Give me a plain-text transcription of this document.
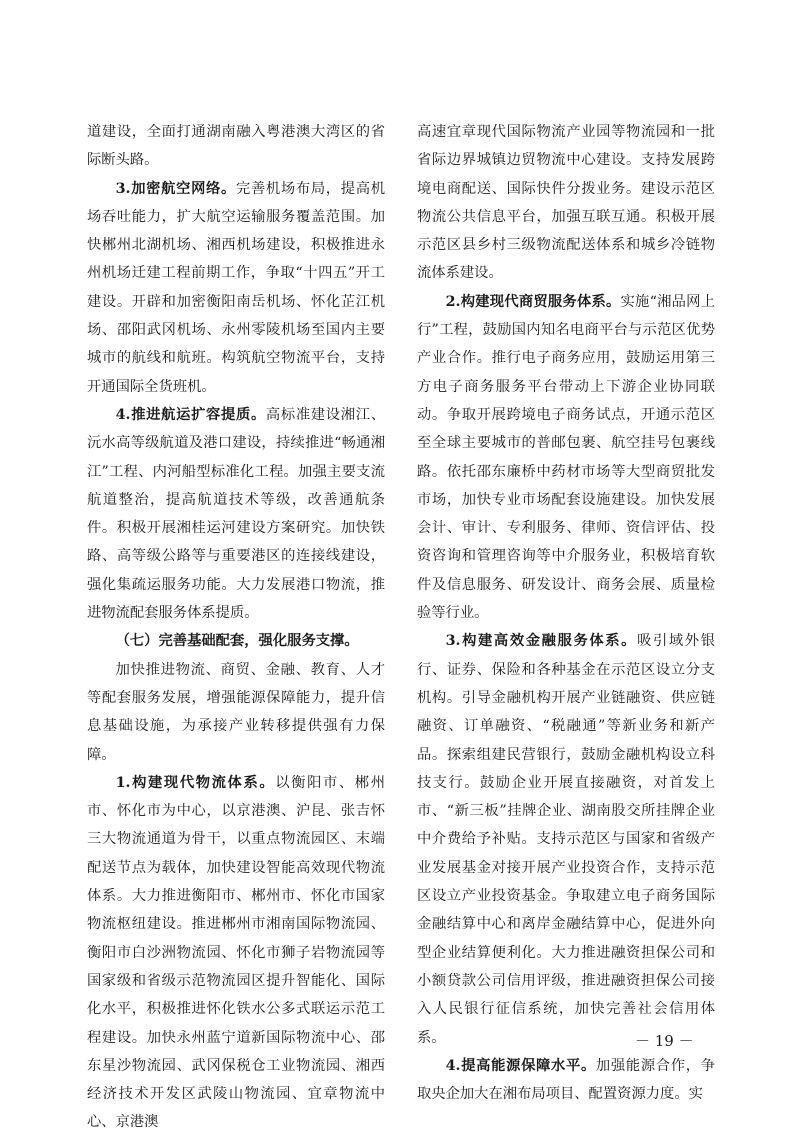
道建设，全面打通湖南融入粤港澳大湾区的省际断头路。

3.加密航空网络。完善机场布局，提高机场吞吐能力，扩大航空运输服务覆盖范围。加快郴州北湖机场、湘西机场建设，积极推进永州机场迁建工程前期工作，争取“十四五”开工建设。开辟和加密衡阳南岳机场、怀化芷江机场、邵阳武冈机场、永州零陵机场至国内主要城市的航线和航班。构筑航空物流平台，支持开通国际全货班机。

4.推进航运扩容提质。高标准建设湘江、沅水高等级航道及港口建设，持续推进“畅通湘江”工程、内河船型标准化工程。加强主要支流航道整治，提高航道技术等级，改善通航条件。积极开展湘桂运河建设方案研究。加快铁路、高等级公路等与重要港区的连接线建设，强化集疏运服务功能。大力发展港口物流，推进物流配套服务体系提质。

（七）完善基础配套，强化服务支撑。

加快推进物流、商贸、金融、教育、人才等配套服务发展，增强能源保障能力，提升信息基础设施，为承接产业转移提供强有力保障。

1.构建现代物流体系。以衡阳市、郴州市、怀化市为中心，以京港澳、沪昆、张吉怀三大物流通道为骨干，以重点物流园区、末端配送节点为载体，加快建设智能高效现代物流体系。大力推进衡阳市、郴州市、怀化市国家物流枢纽建设。推进郴州市湘南国际物流园、衡阳市白沙洲物流园、怀化市狮子岩物流园等国家级和省级示范物流园区提升智能化、国际化水平，积极推进怀化铁水公多式联运示范工程建设。加快永州蓝宁道新国际物流中心、邵东星沙物流园、武冈保税仓工业物流园、湘西经济技术开发区武陵山物流园、宜章物流中心、京港澳

高速宜章现代国际物流产业园等物流园和一批省际边界城镇边贸物流中心建设。支持发展跨境电商配送、国际快件分拨业务。建设示范区物流公共信息平台，加强互联互通。积极开展示范区县乡村三级物流配送体系和城乡冷链物流体系建设。

2.构建现代商贸服务体系。实施“湘品网上行”工程，鼓励国内知名电商平台与示范区优势产业合作。推行电子商务应用，鼓励运用第三方电子商务服务平台带动上下游企业协同联动。争取开展跨境电子商务试点，开通示范区至全球主要城市的普邮包裹、航空挂号包裹线路。依托邵东廉桥中药材市场等大型商贸批发市场，加快专业市场配套设施建设。加快发展会计、审计、专利服务、律师、资信评估、投资咨询和管理咨询等中介服务业，积极培育软件及信息服务、研发设计、商务会展、质量检验等行业。

3.构建高效金融服务体系。吸引域外银行、证券、保险和各种基金在示范区设立分支机构。引导金融机构开展产业链融资、供应链融资、订单融资、“税融通”等新业务和新产品。探索组建民营银行，鼓励金融机构设立科技支行。鼓励企业开展直接融资，对首发上市、“新三板”挂牌企业、湖南股交所挂牌企业中介费给予补贴。支持示范区与国家和省级产业发展基金对接开展产业投资合作，支持示范区设立产业投资基金。争取建立电子商务国际金融结算中心和离岸金融结算中心，促进外向型企业结算便利化。大力推进融资担保公司和小额贷款公司信用评级，推进融资担保公司接入人民银行征信系统，加快完善社会信用体系。

4.提高能源保障水平。加强能源合作，争取央企加大在湘布局项目、配置资源力度。实

－ 19 －
